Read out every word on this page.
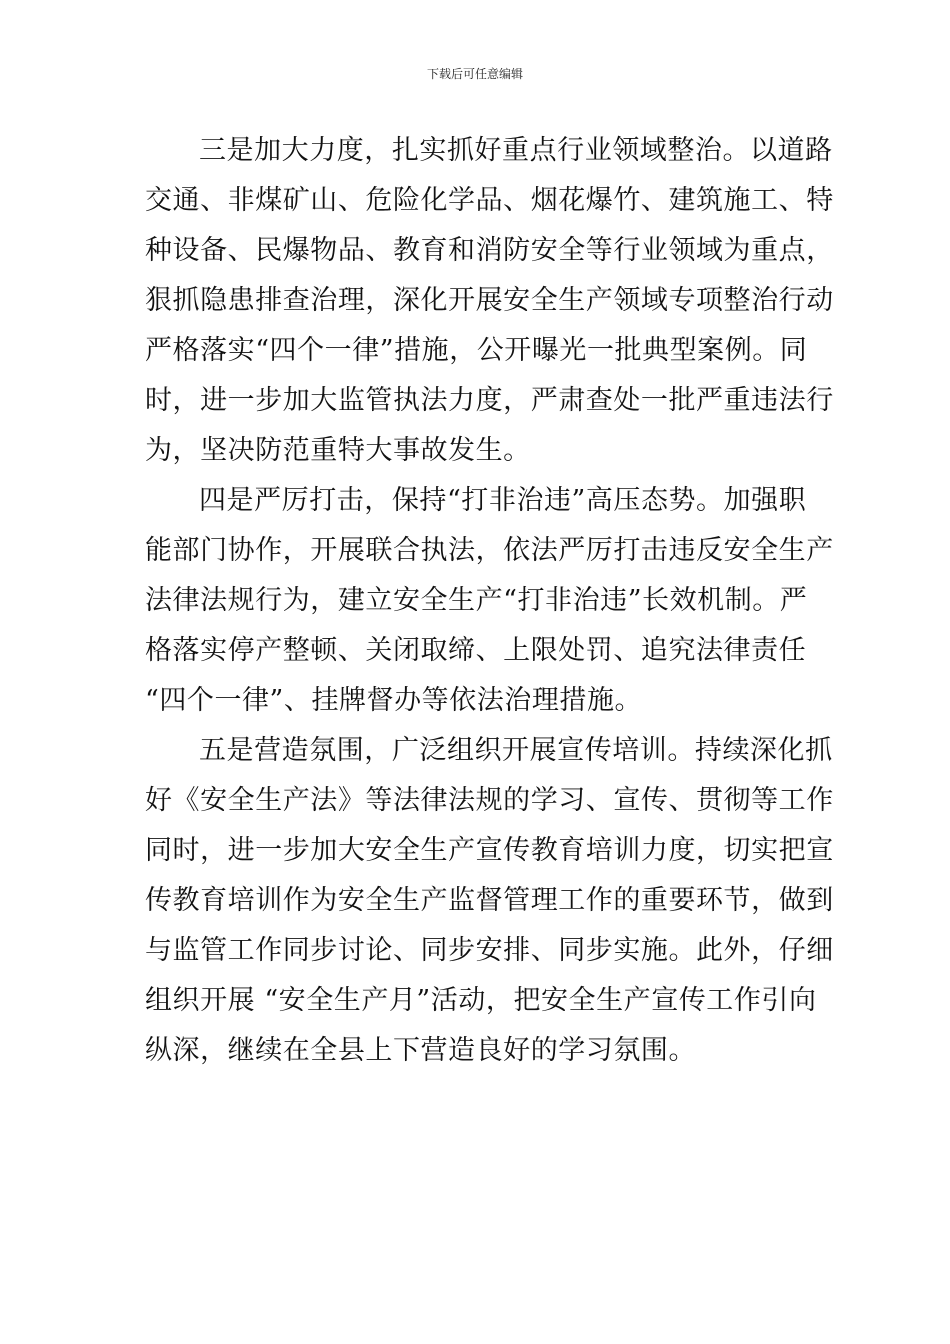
下载后可任意编辑
三是加大力度，扎实抓好重点行业领域整治。以道路
交通、非煤矿山、危险化学品、烟花爆竹、建筑施工、特
种设备、民爆物品、教育和消防安全等行业领域为重点，
狠抓隐患排查治理，深化开展安全生产领域专项整治行动
严格落实“四个一律”措施，公开曝光一批典型案例。同
时，进一步加大监管执法力度，严肃查处一批严重违法行
为，坚决防范重特大事故发生。
四是严厉打击，保持“打非治违”高压态势。加强职
能部门协作，开展联合执法，依法严厉打击违反安全生产
法律法规行为，建立安全生产“打非治违”长效机制。严
格落实停产整顿、关闭取缔、上限处罚、追究法律责任
“四个一律”、挂牌督办等依法治理措施。
五是营造氛围，广泛组织开展宣传培训。持续深化抓
好《安全生产法》等法律法规的学习、宣传、贯彻等工作
同时，进一步加大安全生产宣传教育培训力度，切实把宣
传教育培训作为安全生产监督管理工作的重要环节，做到
与监管工作同步讨论、同步安排、同步实施。此外，仔细
组织开展 “安全生产月”活动，把安全生产宣传工作引向
纵深，继续在全县上下营造良好的学习氛围。
